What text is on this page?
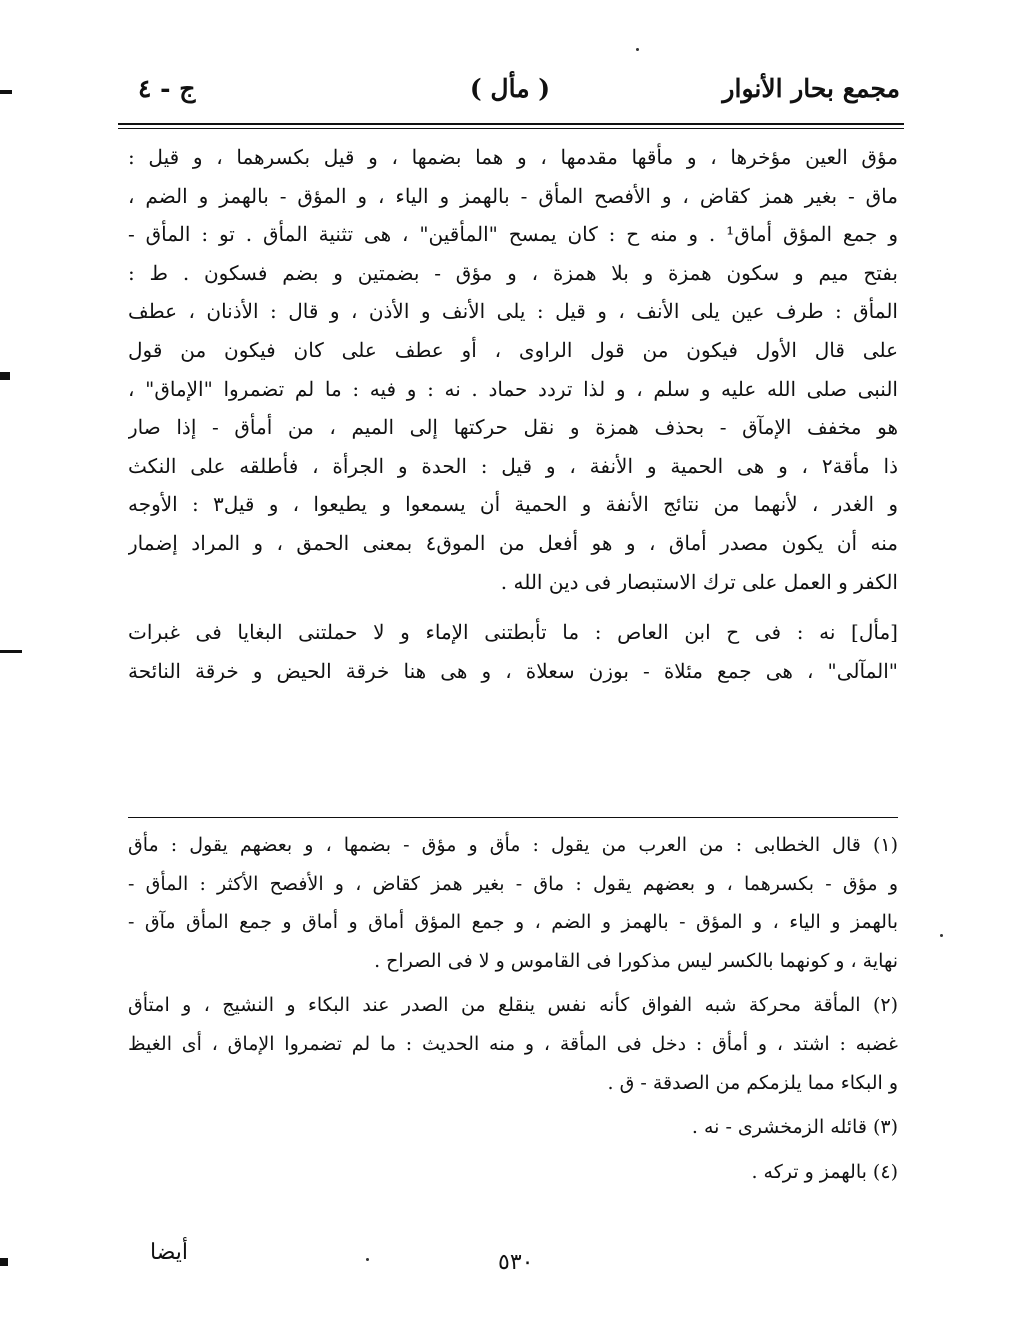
مجمع بحار الأنوار
( مأل )
ج - ٤

مؤق العين مؤخرها ، و مأقها مقدمها ، و هما بضمها ، و قيل بكسرهما ، و قيل :
ماق - بغير همز كقاض ، و الأفصح المأق - بالهمز و الياء ، و المؤق - بالهمز و الضم ،
و جمع المؤق أماق¹ . و منه ح : كان يمسح "المأقين" ، هى تثنية المأق . تو : المأق -
بفتح ميم و سكون همزة و بلا همزة ، و مؤق - بضمتين و بضم فسكون . ط :
المأق : طرف عين يلى الأنف ، و قيل : يلى الأنف و الأذن ، و قال : الأذنان ، عطف
على قال الأول فيكون من قول الراوى ، أو عطف على كان فيكون من قول
النبى صلى الله عليه و سلم ، و لذا تردد حماد . نه : و فيه : ما لم تضمروا "الإماق" ،
هو مخفف الإمآق - بحذف همزة و نقل حركتها إلى الميم ، من أمأق - إذا صار
ذا مأقة٢ ، و هى الحمية و الأنفة ، و قيل : الحدة و الجرأة ، فأطلقه على النكث
و الغدر ، لأنهما من نتائج الأنفة و الحمية أن يسمعوا و يطيعوا ، و قيل٣ : الأوجه
منه أن يكون مصدر أماق ، و هو أفعل من الموق٤ بمعنى الحمق ، و المراد إضمار
الكفر و العمل على ترك الاستبصار فى دين الله .

[مأل] نه : فى ح ابن العاص : ما تأبطتنى الإماء و لا حملتنى البغايا فى غبرات
"المآلى" ، هى جمع مئلاة - بوزن سعلاة ، و هى هنا خرقة الحيض و خرقة النائحة

(١) قال الخطابى : من العرب من يقول : مأق و مؤق - بضمها ، و بعضهم يقول : مأق
و مؤق - بكسرهما ، و بعضهم يقول : ماق - بغير همز كقاض ، و الأفصح الأكثر : المأق -
بالهمز و الياء ، و المؤق - بالهمز و الضم ، و جمع المؤق أماق و أماق و جمع المأق مآق -
نهاية ، و كونهما بالكسر ليس مذكورا فى القاموس و لا فى الصراح .
(٢) المأقة محركة شبه الفواق كأنه نفس ينقلع من الصدر عند البكاء و النشيج ، و امتأق
غضبه : اشتد ، و أمأق : دخل فى المأقة ، و منه الحديث : ما لم تضمروا الإماق ، أى الغيظ
و البكاء مما يلزمكم من الصدقة - ق .
(٣) قائله الزمخشرى - نه .
(٤) بالهمز و تركه .
أيضا	٥٣٠
